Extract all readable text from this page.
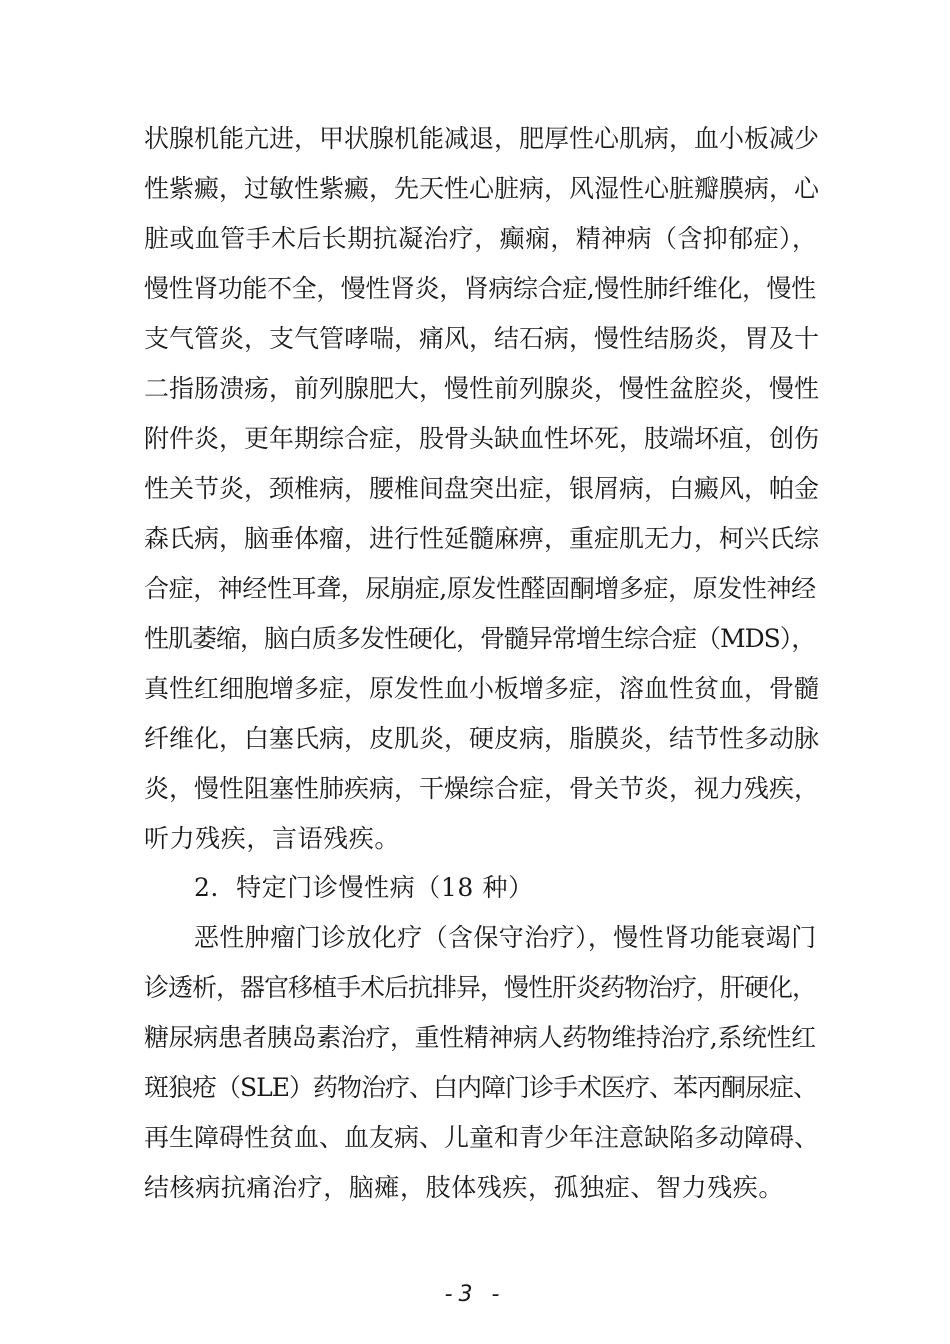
状腺机能亢进，甲状腺机能减退，肥厚性心肌病，血小板减少
性紫癜，过敏性紫癜，先天性心脏病，风湿性心脏瓣膜病，心
脏或血管手术后长期抗凝治疗，癫痫，精神病（含抑郁症），
慢性肾功能不全，慢性肾炎，肾病综合症,慢性肺纤维化，慢性
支气管炎，支气管哮喘，痛风，结石病，慢性结肠炎，胃及十
二指肠溃疡，前列腺肥大，慢性前列腺炎，慢性盆腔炎，慢性
附件炎，更年期综合症，股骨头缺血性坏死，肢端坏疽，创伤
性关节炎，颈椎病，腰椎间盘突出症，银屑病，白癜风，帕金
森氏病，脑垂体瘤，进行性延髓麻痹，重症肌无力，柯兴氏综
合症，神经性耳聋，尿崩症,原发性醛固酮增多症，原发性神经
性肌萎缩，脑白质多发性硬化，骨髓异常增生综合症（MDS），
真性红细胞增多症，原发性血小板增多症，溶血性贫血，骨髓
纤维化，白塞氏病，皮肌炎，硬皮病，脂膜炎，结节性多动脉
炎，慢性阻塞性肺疾病，干燥综合症，骨关节炎，视力残疾，
听力残疾，言语残疾。
2．特定门诊慢性病（18 种）
恶性肿瘤门诊放化疗（含保守治疗），慢性肾功能衰竭门
诊透析，器官移植手术后抗排异，慢性肝炎药物治疗，肝硬化，
糖尿病患者胰岛素治疗，重性精神病人药物维持治疗,系统性红
斑狼疮（SLE）药物治疗、白内障门诊手术医疗、苯丙酮尿症、
再生障碍性贫血、血友病、儿童和青少年注意缺陷多动障碍、
结核病抗痛治疗，脑瘫，肢体残疾，孤独症、智力残疾。
-3 -
